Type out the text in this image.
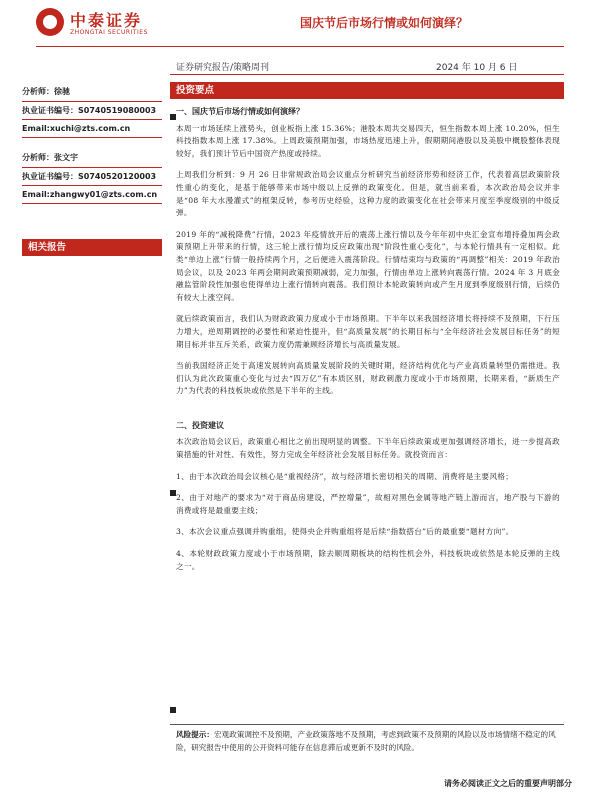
中泰证券
ZHONGTAI SECURITIES
国庆节后市场行情或如何演绎？
证券研究报告/策略周刊	2024 年 10 月 6 日
分析师：徐驰
执业证书编号：S0740519080003
Email:xuchi@zts.com.cn
分析师：张文宇
执业证书编号：S0740520120003
Email:zhangwy01@zts.com.cn
相关报告
投资要点
一、国庆节后市场行情或如何演绎？

本周一市场延续上涨势头，创业板指上涨 15.36%；港股本周共交易四天，恒生指数本周上涨 10.20%，恒生科技指数本周上涨 17.38%。上周政策预期加强，市场热度迅速上升，假期期间港股以及美股中概股整体表现较好，我们预计节后中国资产热度或持续。

上周我们分析到：9 月 26 日非常规政治局会议重点分析研究当前经济形势和经济工作，代表着高层政策阶段性重心的变化，是基于能够带来市场中级以上反弹的政策变化。但是，就当前来看，本次政治局会议并非是“08 年大水漫灌式”的框架反转，参考历史经验，这种力度的政策变化在社会带来月度至季度级别的中级反弹。

2019 年的“减税降费”行情，2023 年疫情放开后的震荡上涨行情以及今年年初中央汇金宣布增持叠加两会政策预期上升带来的行情，这三轮上涨行情均反应政策出现“阶段性重心变化”，与本轮行情具有一定相似。此类“单边上涨”行情一般持续两个月，之后便进入震荡阶段。行情结束均与政策的“再调整”相关：2019 年政治局会议，以及 2023 年两会期间政策预期减弱，定力加强，行情由单边上涨转向震荡行情。2024 年 3 月底金融监管阶段性加强也使得单边上涨行情转向震荡。我们预计本轮政策转向或产生月度到季度级别行情，后续仍有较大上涨空间。

就后续政策而言，我们认为财政政策力度或小于市场预期。下半年以来我国经济增长将持续不及预期，下行压力增大，逆周期调控的必要性和紧迫性提升，但“高质量发展”的长期目标与“全年经济社会发展目标任务”的短期目标并非互斥关系，政策力度仍需兼顾经济增长与高质量发展。

当前我国经济正处于高速发展转向高质量发展阶段的关键时期，经济结构优化与产业高质量转型仍需推进。我们认为此次政策重心变化与过去“四万亿”有本质区别，财政刺激力度或小于市场预期，长期来看，“新质生产力”为代表的科技板块或依然是下半年的主线。

二、投资建议

本次政治局会议后，政策重心相比之前出现明显的调整。下半年后续政策或更加强调经济增长，进一步提高政策措施的针对性、有效性，努力完成全年经济社会发展目标任务。就投资而言：

1、由于本次政治局会议核心是“重视经济”，故与经济增长密切相关的周期、消费将是主要风格；

2、由于对地产的要求为“对于商品房建设，严控增量”，故相对黑色金属等地产链上游而言，地产股与下游的消费或将是最重要主线；

3、本次会议重点强调并购重组，使得央企并购重组将是后续“指数搭台”后的最重要“题材方向”。

4、本轮财政政策力度或小于市场预期，除去顺周期板块的结构性机会外，科技板块或依然是本轮反弹的主线之一。

风险提示：宏观政策调控不及预期，产业政策落地不及预期，考虑到政策不及预期的风险以及市场情绪不稳定的风险，研究报告中使用的公开资料可能存在信息滞后或更新不及时的风险。
请务必阅读正文之后的重要声明部分
